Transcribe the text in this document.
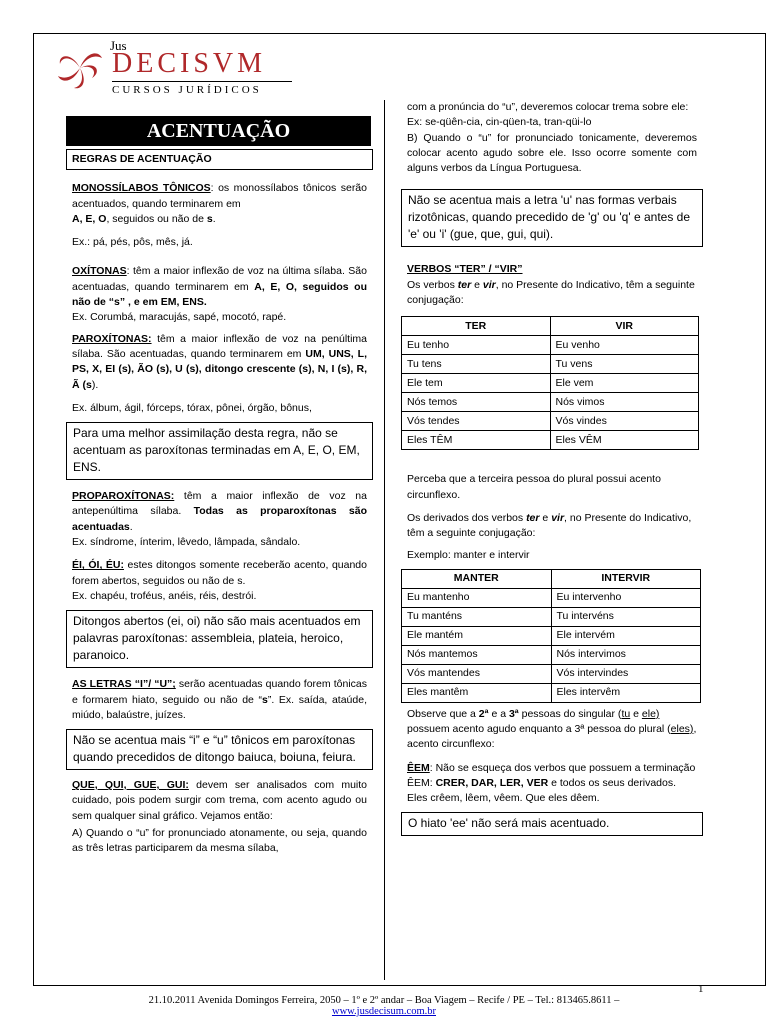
Jus
DECISVM
CURSOS JURÍDICOS
ACENTUAÇÃO
REGRAS DE ACENTUAÇÃO

MONOSSÍLABOS TÔNICOS: os monossílabos tônicos serão acentuados, quando terminarem em
A, E, O, seguidos ou não de s.

Ex.: pá, pés, pôs, mês, já.

OXÍTONAS: têm a maior inflexão de voz na última sílaba. São acentuadas, quando terminarem em A, E, O, seguidos ou não de “s” , e em EM, ENS.
Ex. Corumbá, maracujás, sapé, mocotó, rapé.

PAROXÍTONAS: têm a maior inflexão de voz na penúltima sílaba. São acentuadas, quando terminarem em UM, UNS, L, PS, X, EI (s), ÃO (s), U (s), ditongo crescente (s), N, I (s), R, Ã (s).

Ex. álbum, ágil, fórceps, tórax, pônei, órgão, bônus,

Para uma melhor assimilação desta regra, não se acentuam as paroxítonas terminadas em A, E, O, EM, ENS.

PROPAROXÍTONAS: têm a maior inflexão de voz na antepenúltima sílaba. Todas as proparoxítonas são acentuadas.
Ex. síndrome, ínterim, lêvedo, lâmpada, sândalo.

ÉI, ÓI, ÉU: estes ditongos somente receberão acento, quando forem abertos, seguidos ou não de s.
Ex. chapéu, troféus, anéis, réis, destrói.

Ditongos abertos (ei, oi) não são mais acentuados em palavras paroxítonas: assembleia, plateia, heroico, paranoico.

AS LETRAS “I”/ “U”; serão acentuadas quando forem tônicas e formarem hiato, seguido ou não de “s”. Ex. saída, ataúde, miúdo, balaústre, juízes.

Não se acentua mais “i” e “u” tônicos em paroxítonas quando precedidos de ditongo baiuca, boiuna, feiura.

QUE, QUI, GUE, GUI: devem ser analisados com muito cuidado, pois podem surgir com trema, com acento agudo ou sem qualquer sinal gráfico. Vejamos então:

A) Quando o “u” for pronunciado atonamente, ou seja, quando as três letras participarem da mesma sílaba,

com a pronúncia do “u”, deveremos colocar trema sobre ele:

Ex: se-qüên-cia, cin-qüen-ta, tran-qüi-lo

B) Quando o “u” for pronunciado tonicamente, deveremos colocar acento agudo sobre ele. Isso ocorre somente com alguns verbos da Língua Portuguesa.

Não se acentua mais a letra 'u' nas formas verbais rizotônicas, quando precedido de 'g' ou 'q' e antes de 'e' ou 'i' (gue, que, gui, qui).

VERBOS “TER” / “VIR”
Os verbos ter e vir, no Presente do Indicativo, têm a seguinte conjugação:

TER	VIR
Eu tenho	Eu venho
Tu tens	Tu vens
Ele tem	Ele vem
Nós temos	Nós vimos
Vós tendes	Vós vindes
Eles TÊM	Eles VÊM

Perceba que a terceira pessoa do plural possui acento circunflexo.

Os derivados dos verbos ter e vir, no Presente do Indicativo, têm a seguinte conjugação:

Exemplo: manter e intervir

MANTER	INTERVIR
Eu mantenho	Eu intervenho
Tu manténs	Tu intervéns
Ele mantém	Ele intervém
Nós mantemos	Nós intervimos
Vós mantendes	Vós intervindes
Eles mantêm	Eles intervêm

Observe que a 2ª e a 3ª pessoas do singular (tu e ele) possuem acento agudo enquanto a 3ª pessoa do plural (eles), acento circunflexo:

ÊEM: Não se esqueça dos verbos que possuem a terminação ÊEM: CRER, DAR, LER, VER e todos os seus derivados.
Eles crêem, lêem, vêem. Que eles dêem.

O hiato 'ee' não será mais acentuado.
1
21.10.2011 Avenida Domingos Ferreira, 2050 – 1º e 2º andar – Boa Viagem – Recife / PE – Tel.: 813465.8611 –
www.jusdecisum.com.br
